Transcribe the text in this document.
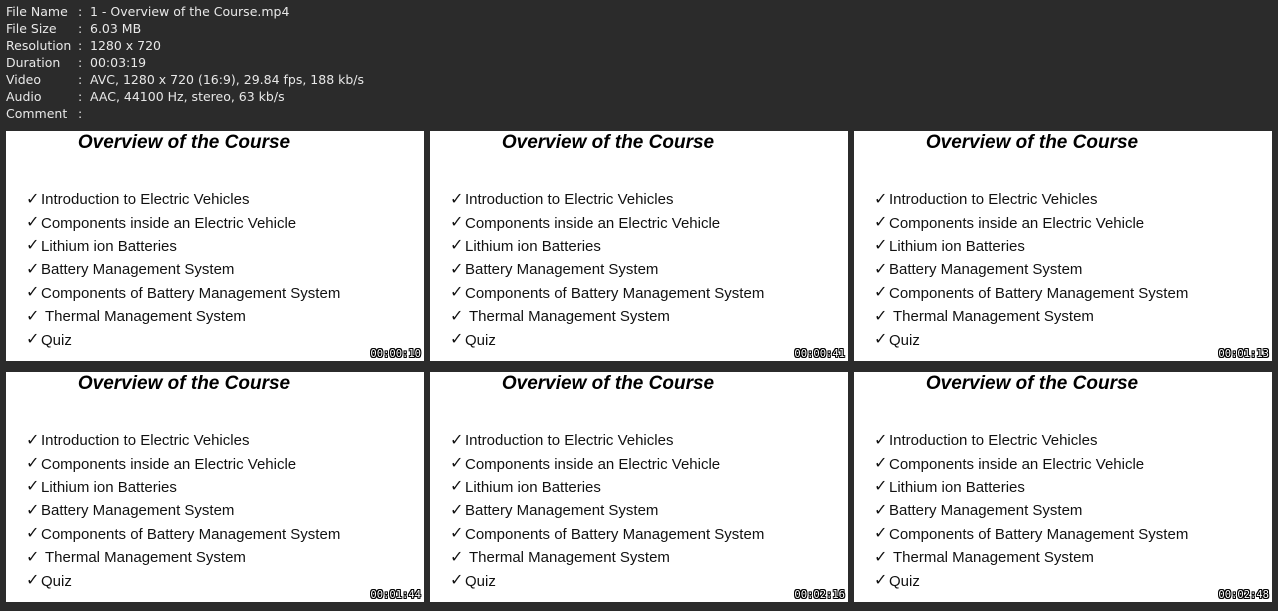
File Name : 1 - Overview of the Course.mp4
File Size	: 6.03 MB
Resolution : 1280 x 720
Duration	: 00:03:19
Video	: AVC, 1280 x 720 (16:9), 29.84 fps, 188 kb/s
Audio	: AAC, 44100 Hz, stereo, 63 kb/s
Comment :
Overview of the Course
✓ Introduction to Electric Vehicles
✓ Components inside an Electric Vehicle
✓ Lithium ion Batteries
✓ Battery Management System
✓ Components of Battery Management System
✓ Thermal Management System
✓ Quiz
00:00:10
Overview of the Course
✓ Introduction to Electric Vehicles
✓ Components inside an Electric Vehicle
✓ Lithium ion Batteries
✓ Battery Management System
✓ Components of Battery Management System
✓ Thermal Management System
✓ Quiz
00:00:41
Overview of the Course
✓ Introduction to Electric Vehicles
✓ Components inside an Electric Vehicle
✓ Lithium ion Batteries
✓ Battery Management System
✓ Components of Battery Management System
✓ Thermal Management System
✓ Quiz
00:01:13
Overview of the Course
✓ Introduction to Electric Vehicles
✓ Components inside an Electric Vehicle
✓ Lithium ion Batteries
✓ Battery Management System
✓ Components of Battery Management System
✓ Thermal Management System
✓ Quiz
00:01:44
Overview of the Course
✓ Introduction to Electric Vehicles
✓ Components inside an Electric Vehicle
✓ Lithium ion Batteries
✓ Battery Management System
✓ Components of Battery Management System
✓ Thermal Management System
✓ Quiz
00:02:16
Overview of the Course
✓ Introduction to Electric Vehicles
✓ Components inside an Electric Vehicle
✓ Lithium ion Batteries
✓ Battery Management System
✓ Components of Battery Management System
✓ Thermal Management System
✓ Quiz
00:02:48
